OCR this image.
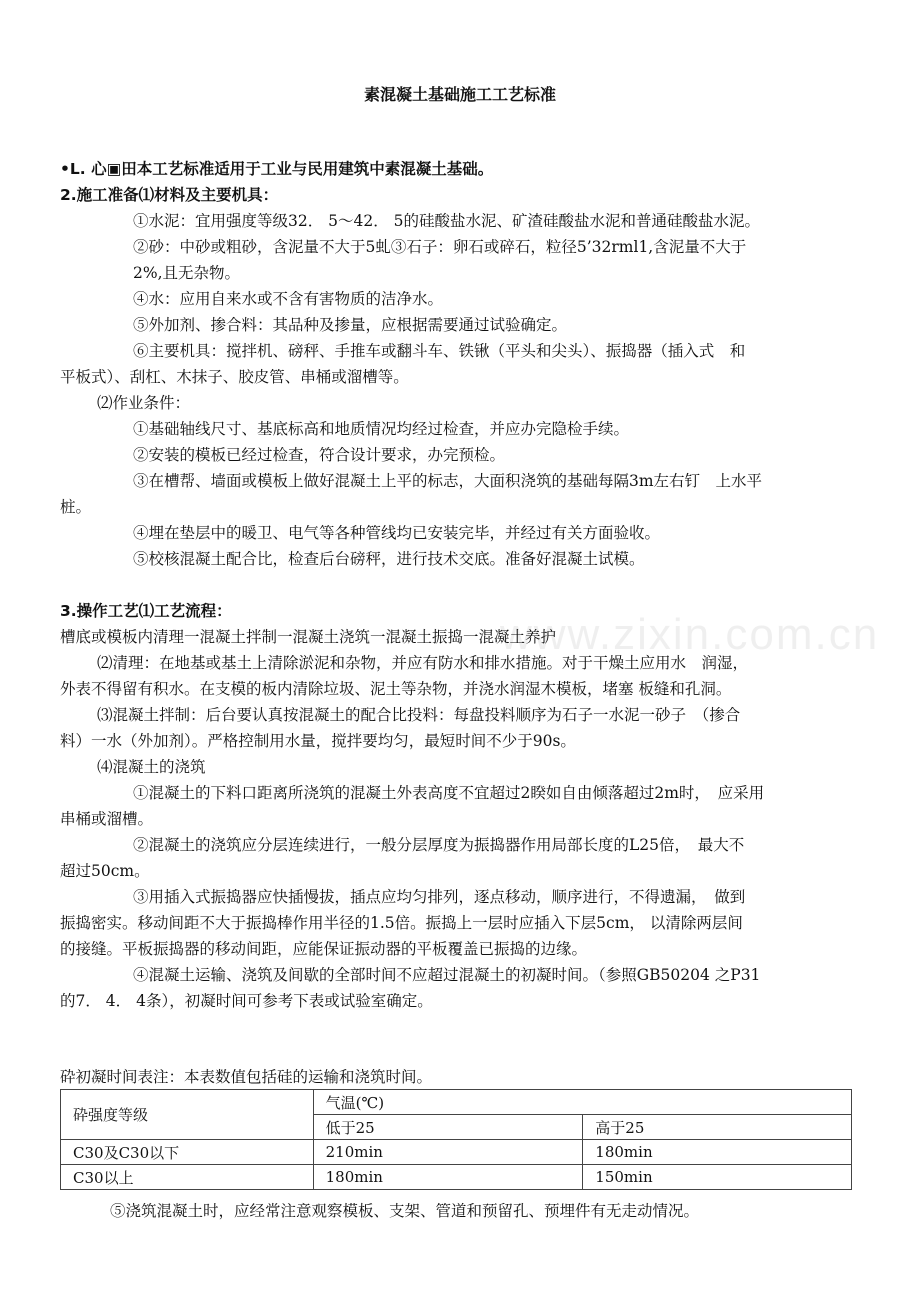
www.zixin.com.cn
素混凝土基础施工工艺标准
•L. 心▣田本工艺标准适用于工业与民用建筑中素混凝土基础。
2.施工准备⑴材料及主要机具：
①水泥：宜用强度等级32． 5〜42． 5的硅酸盐水泥、矿渣硅酸盐水泥和普通硅酸盐水泥。
②砂：中砂或粗砂，含泥量不大于5虬③石子：卵石或碎石，粒径5’32rml1,含泥量不大于
2%,且无杂物。
④水：应用自来水或不含有害物质的洁净水。
⑤外加剂、掺合料：其品种及掺量，应根据需要通过试验确定。
⑥主要机具：搅拌机、磅秤、手推车或翻斗车、铁锹（平头和尖头）、振捣器（插入式　和
平板式）、刮杠、木抹子、胶皮管、串桶或溜槽等。
⑵作业条件：
①基础轴线尺寸、基底标高和地质情况均经过检查，并应办完隐检手续。
②安装的模板已经过检查，符合设计要求，办完预检。
③在槽帮、墙面或模板上做好混凝土上平的标志，大面积浇筑的基础每隔3m左右钉　上水平
桩。
④埋在垫层中的暖卫、电气等各种管线均已安装完毕，并经过有关方面验收。
⑤校核混凝土配合比，检查后台磅秤，进行技术交底。准备好混凝土试模。
3.操作工艺⑴工艺流程：
槽底或模板内清理一混凝土拌制一混凝土浇筑一混凝土振捣一混凝土养护
⑵清理：在地基或基土上清除淤泥和杂物，并应有防水和排水措施。对于干燥土应用水　润湿，
外表不得留有积水。在支模的板内清除垃圾、泥土等杂物，并浇水润湿木模板，堵塞 板缝和孔洞。
⑶混凝土拌制：后台要认真按混凝土的配合比投料：每盘投料顺序为石子一水泥一砂子　（掺合
料）一水（外加剂）。严格控制用水量，搅拌要均匀，最短时间不少于90s。
⑷混凝土的浇筑
①混凝土的下料口距离所浇筑的混凝土外表高度不宜超过2睽如自由倾落超过2m时，　应采用
串桶或溜槽。
②混凝土的浇筑应分层连续进行，一般分层厚度为振捣器作用局部长度的L25倍，　最大不
超过50cm。
③用插入式振捣器应快插慢拔，插点应均匀排列，逐点移动，顺序进行，不得遗漏，　做到
振捣密实。移动间距不大于振捣棒作用半径的1.5倍。振捣上一层时应插入下层5cm， 以清除两层间
的接缝。平板振捣器的移动间距，应能保证振动器的平板覆盖已振捣的边缘。
④混凝土运输、浇筑及间歇的全部时间不应超过混凝土的初凝时间。（参照GB50204 之P31
的7． 4． 4条），初凝时间可参考下表或试验室确定。
砕初凝时间表注：本表数值包括硅的运输和浇筑时间。
砕强度等级	气温(℃)	
	低于25	高于25
C30及C30以下	210min	180min
C30以上	180min	150min
⑤浇筑混凝土时，应经常注意观察模板、支架、管道和预留孔、预埋件有无走动情况。
